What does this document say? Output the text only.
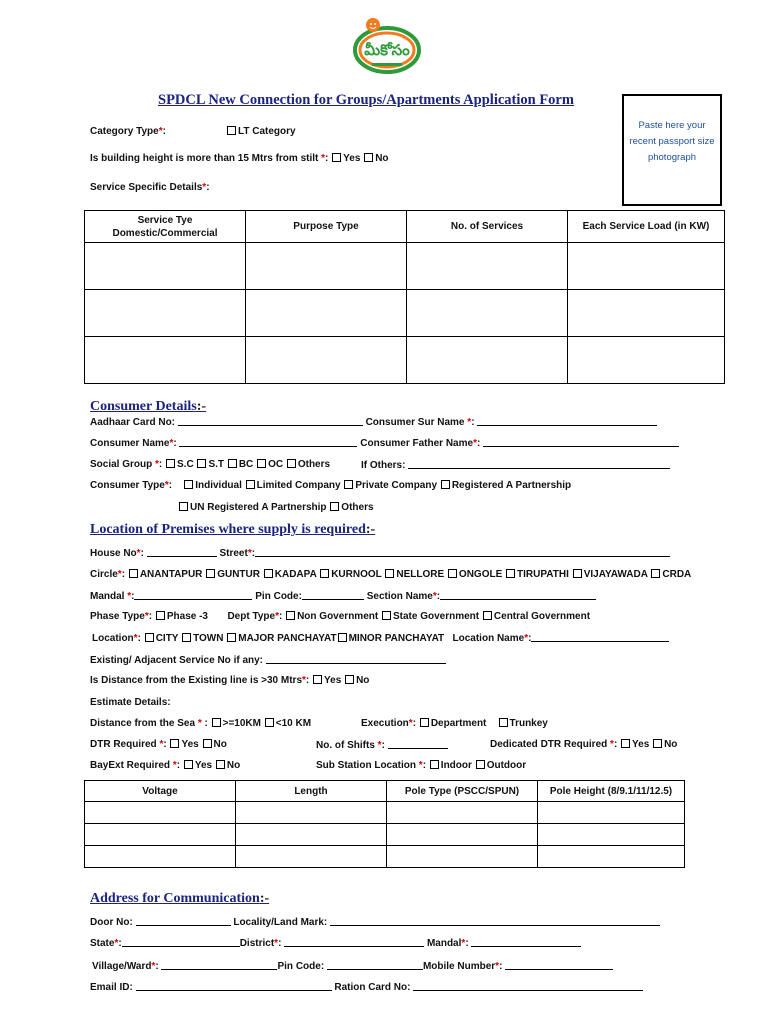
మీకోసం
SPDCL New Connection for Groups/Apartments Application Form
Paste here your recent passport size photograph
Category Type*:	LT Category
Is building height is more than 15 Mtrs from stilt *: Yes No
Service Specific Details*:
Service Tye
Domestic/Commercial	Purpose Type	No. of Services	Each Service Load (in KW)

Consumer Details:-
Aadhaar Card No:	Consumer Sur Name *:
Consumer Name*:	Consumer Father Name*:
Social Group *: S.C S.T BC OC Others	If Others:
Consumer Type*:    Individual Limited Company Private Company Registered A Partnership
UN Registered A Partnership Others
Location of Premises where supply is required:-
House No*:	Street*:
Circle*: ANANTAPUR GUNTUR KADAPA KURNOOL NELLORE ONGOLE TIRUPATHI VIJAYAWADA CRDA
Mandal *:	Pin Code:	Section Name*:
Phase Type*: Phase -3 Dept Type*: Non Government State Government Central Government
Location*: CITY TOWN MAJOR PANCHAYAT MINOR PANCHAYAT Location Name*:
Existing/ Adjacent Service No if any:
Is Distance from the Existing line is >30 Mtrs*: Yes No
Estimate Details:
Distance from the Sea * : >=10KM <10 KM	Execution*: Department Trunkey
DTR Required *: Yes No	No. of Shifts *:	Dedicated DTR Required *: Yes No
BayExt Required *: Yes No	Sub Station Location *: Indoor Outdoor
Voltage	Length	Pole Type (PSCC/SPUN)	Pole Height (8/9.1/11/12.5)

Address for Communication:-
Door No:	Locality/Land Mark:
State*:	District*:	Mandal*:
Village/Ward*:	Pin Code:	Mobile Number*:
Email ID:	Ration Card No:
